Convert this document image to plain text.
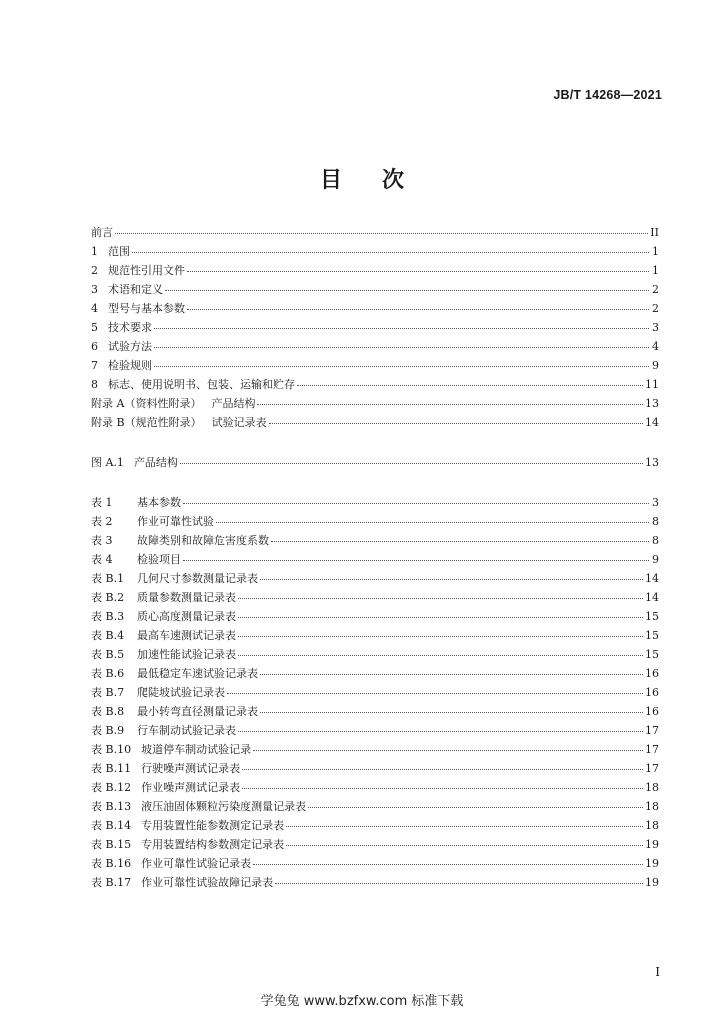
JB/T 14268—2021
目 次
前言	II
1 范围	1
2 规范性引用文件	1
3 术语和定义	2
4 型号与基本参数	2
5 技术要求	3
6 试验方法	4
7 检验规则	9
8 标志、使用说明书、包装、运输和贮存	11
附录 A（资料性附录） 产品结构	13
附录 B（规范性附录） 试验记录表	14
图 A.1 产品结构	13
表 1 基本参数	3
表 2 作业可靠性试验	8
表 3 故障类别和故障危害度系数	8
表 4 检验项目	9
表 B.1 几何尺寸参数测量记录表	14
表 B.2 质量参数测量记录表	14
表 B.3 质心高度测量记录表	15
表 B.4 最高车速测试记录表	15
表 B.5 加速性能试验记录表	15
表 B.6 最低稳定车速试验记录表	16
表 B.7 爬陡坡试验记录表	16
表 B.8 最小转弯直径测量记录表	16
表 B.9 行车制动试验记录表	17
表 B.10 坡道停车制动试验记录	17
表 B.11 行驶噪声测试记录表	17
表 B.12 作业噪声测试记录表	18
表 B.13 液压油固体颗粒污染度测量记录表	18
表 B.14 专用装置性能参数测定记录表	18
表 B.15 专用装置结构参数测定记录表	19
表 B.16 作业可靠性试验记录表	19
表 B.17 作业可靠性试验故障记录表	19
I
学兔兔 www.bzfxw.com 标准下载
